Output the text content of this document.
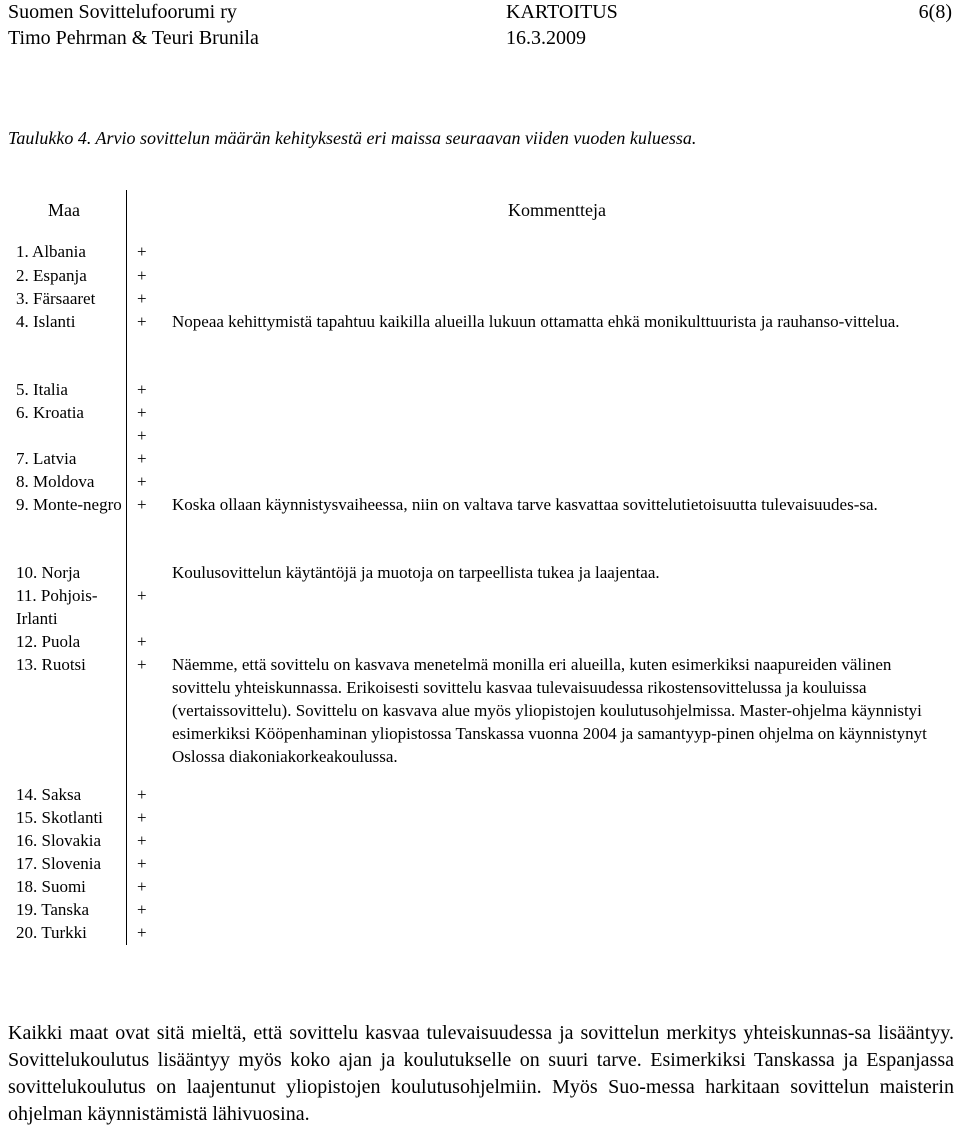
Suomen Sovittelufoorumi ry	KARTOITUS	6(8)
Timo Pehrman & Teuri Brunila	16.3.2009
Taulukko 4. Arvio sovittelun määrän kehityksestä eri maissa seuraavan viiden vuoden kuluessa.
Maa	Kommentteja
1. Albania	+
2. Espanja	+
3. Färsaaret	+
4. Islanti	+ Nopeaa kehittymistä tapahtuu kaikilla alueilla lukuun ottamatta ehkä monikulttuurista ja rauhanso-vittelua.
5. Italia	+
6. Kroatia	+
+
7. Latvia	+
8. Moldova	+
9. Monte-negro + Koska ollaan käynnistysvaiheessa, niin on valtava tarve kasvattaa sovittelutietoisuutta tulevaisuudes-sa.
10. Norja	Koulusovittelun käytäntöjä ja muotoja on tarpeellista tukea ja laajentaa.
11. Pohjois-Irlanti
+
12. Puola	+
13. Ruotsi	+ Näemme, että sovittelu on kasvava menetelmä monilla eri alueilla, kuten esimerkiksi naapureiden välinen sovittelu yhteiskunnassa. Erikoisesti sovittelu kasvaa tulevaisuudessa rikostensovittelussa ja kouluissa (vertaissovittelu). Sovittelu on kasvava alue myös yliopistojen koulutusohjelmissa. Master-ohjelma käynnistyi esimerkiksi Kööpenhaminan yliopistossa Tanskassa vuonna 2004 ja samantyyp-pinen ohjelma on käynnistynyt Oslossa diakoniakorkeakoulussa.
14. Saksa	+
15. Skotlanti	+
16. Slovakia	+
17. Slovenia	+
18. Suomi	+
19. Tanska	+
20. Turkki	+
Kaikki maat ovat sitä mieltä, että sovittelu kasvaa tulevaisuudessa ja sovittelun merkitys yhteiskunnas-sa lisääntyy. Sovittelukoulutus lisääntyy myös koko ajan ja koulutukselle on suuri tarve. Esimerkiksi Tanskassa ja Espanjassa sovittelukoulutus on laajentunut yliopistojen koulutusohjelmiin. Myös Suo-messa harkitaan sovittelun maisterin ohjelman käynnistämistä lähivuosina.
